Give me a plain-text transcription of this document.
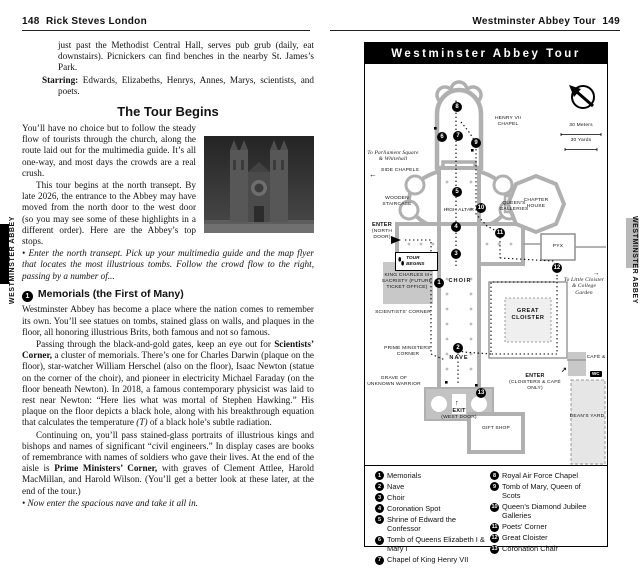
148 Rick Steves London
WESTMINSTER ABBEY

just past the Methodist Central Hall, serves pub grub (daily, eat downstairs). Picnickers can find benches in the nearby St. James’s Park.

Starring: Edwards, Elizabeths, Henrys, Annes, Marys, scientists, and poets.

The Tour Begins

You’ll have no choice but to follow the steady flow of tourists through the church, along the route laid out for the multimedia guide. It’s all one-way, and most days the crowds are a real crush.

This tour begins at the north transept. By late 2026, the entrance to the Abbey may have moved from the north door to the west door (so you may see some of these highlights in a different order). Here are the Abbey’s top stops.

• Enter the north transept. Pick up your multimedia guide and the map flyer that locates the most illustrious tombs. Follow the crowd flow to the right, passing by a number of...

1 Memorials (the First of Many)

Westminster Abbey has become a place where the nation comes to remember its own. You’ll see statues on tombs, stained glass on walls, and plaques in the floor, all honoring illustrious Brits, both famous and not so famous.

Passing through the black-and-gold gates, keep an eye out for Scientists’ Corner, a cluster of memorials. There’s one for Charles Darwin (plaque on the floor), star-watcher William Herschel (also on the floor), Isaac Newton (statue on the corner of the choir), and pioneer in electricity Michael Faraday (on the floor beneath Newton). In 2018, a famous contemporary physicist was laid to rest near Newton: “Here lies what was mortal of Stephen Hawking.” His plaque on the floor depicts a black hole, along with his breakthrough equation that calculates the temperature (T) of a black hole’s subtle radiation.

Continuing on, you’ll pass stained-glass portraits of illustrious kings and bishops and names of significant “civil engineers.” In display cases are books of remembrance with names of soldiers who gave their lives. At the end of the aisle is Prime Ministers’ Corner, with graves of Clement Attlee, Harold MacMillan, and Harold Wilson. (You’ll get a better look at these later, at the end of the tour.)

• Now enter the spacious nave and take it all in.

Westminster Abbey Tour 149
WESTMINSTER ABBEY
Westminster Abbey Tour
30 Meters
30 Yards
To Parliament Square & Whitehall
← SIDE CHAPELS
WOODEN STAIRCASE
HENRY VII CHAPEL
CHAPTER HOUSE
QUEEN’S GALLERIES
HIGH ALTAR
ENTER
(NORTH DOOR)
TOUR BEGINS
KING CHARLES III SACRISTY (FUTURE TICKET OFFICE)
CHOIR
PYX
SCIENTISTS’ CORNER
→
To Little Cloister & College Garden
GREAT CLOISTER
PRIME MINISTERS’ CORNER
NAVE
GRAVE OF UNKNOWN WARRIOR
CAFÉ &
WC
↗
ENTER
(CLOISTERS & CAFÉ ONLY)
↑
EXIT
(WEST DOOR)
GIFT SHOP
DEAN’S YARD
1
2
3
4
5
6	7
8
9
10
11
12
13
1 Memorials
2 Nave
3 Choir
4 Coronation Spot
5 Shrine of Edward the Confessor
6 Tomb of Queens Elizabeth I & Mary I
7 Chapel of King Henry VII
8 Royal Air Force Chapel
9 Tomb of Mary, Queen of Scots
10 Queen’s Diamond Jubilee Galleries
11 Poets’ Corner
12 Great Cloister
13 Coronation Chair
